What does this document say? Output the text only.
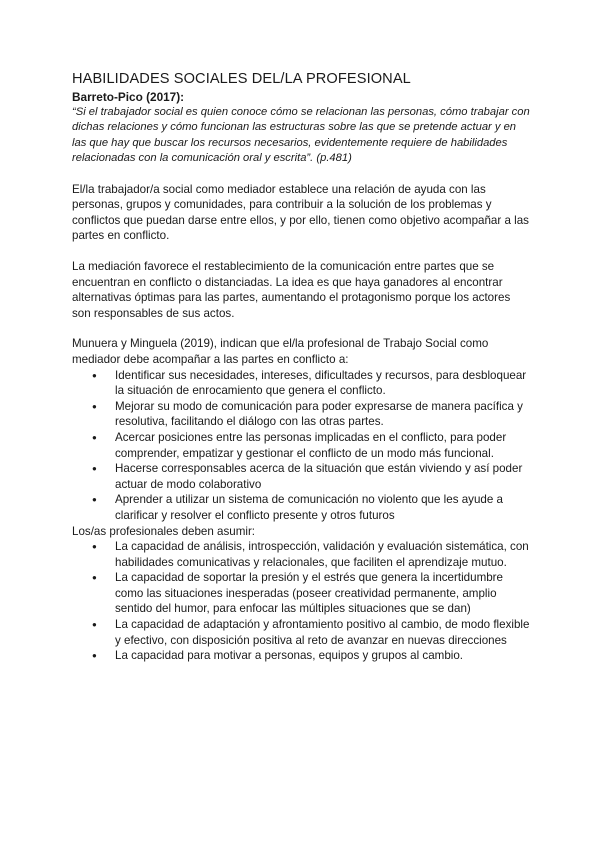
HABILIDADES SOCIALES DEL/LA PROFESIONAL

Barreto-Pico (2017):

“Si el trabajador social es quien conoce cómo se relacionan las personas, cómo trabajar con dichas relaciones y cómo funcionan las estructuras sobre las que se pretende actuar y en las que hay que buscar los recursos necesarios, evidentemente requiere de habilidades relacionadas con la comunicación oral y escrita”. (p.481)

El/la trabajador/a social como mediador establece una relación de ayuda con las personas, grupos y comunidades, para contribuir a la solución de los problemas y conflictos que puedan darse entre ellos, y por ello, tienen como objetivo acompañar a las partes en conflicto.

La mediación favorece el restablecimiento de la comunicación entre partes que se encuentran en conflicto o distanciadas. La idea es que haya ganadores al encontrar alternativas óptimas para las partes, aumentando el protagonismo porque los actores son responsables de sus actos.

Munuera y Minguela (2019), indican que el/la profesional de Trabajo Social como mediador debe acompañar a las partes en conflicto a:

● Identificar sus necesidades, intereses, dificultades y recursos, para desbloquear la situación de enrocamiento que genera el conflicto.
● Mejorar su modo de comunicación para poder expresarse de manera pacífica y resolutiva, facilitando el diálogo con las otras partes.
● Acercar posiciones entre las personas implicadas en el conflicto, para poder comprender, empatizar y gestionar el conflicto de un modo más funcional.
● Hacerse corresponsables acerca de la situación que están viviendo y así poder actuar de modo colaborativo
● Aprender a utilizar un sistema de comunicación no violento que les ayude a clarificar y resolver el conflicto presente y otros futuros

Los/as profesionales deben asumir:

● La capacidad de análisis, introspección, validación y evaluación sistemática, con habilidades comunicativas y relacionales, que faciliten el aprendizaje mutuo.
● La capacidad de soportar la presión y el estrés que genera la incertidumbre como las situaciones inesperadas (poseer creatividad permanente, amplio sentido del humor, para enfocar las múltiples situaciones que se dan)
● La capacidad de adaptación y afrontamiento positivo al cambio, de modo flexible y efectivo, con disposición positiva al reto de avanzar en nuevas direcciones
● La capacidad para motivar a personas, equipos y grupos al cambio.
